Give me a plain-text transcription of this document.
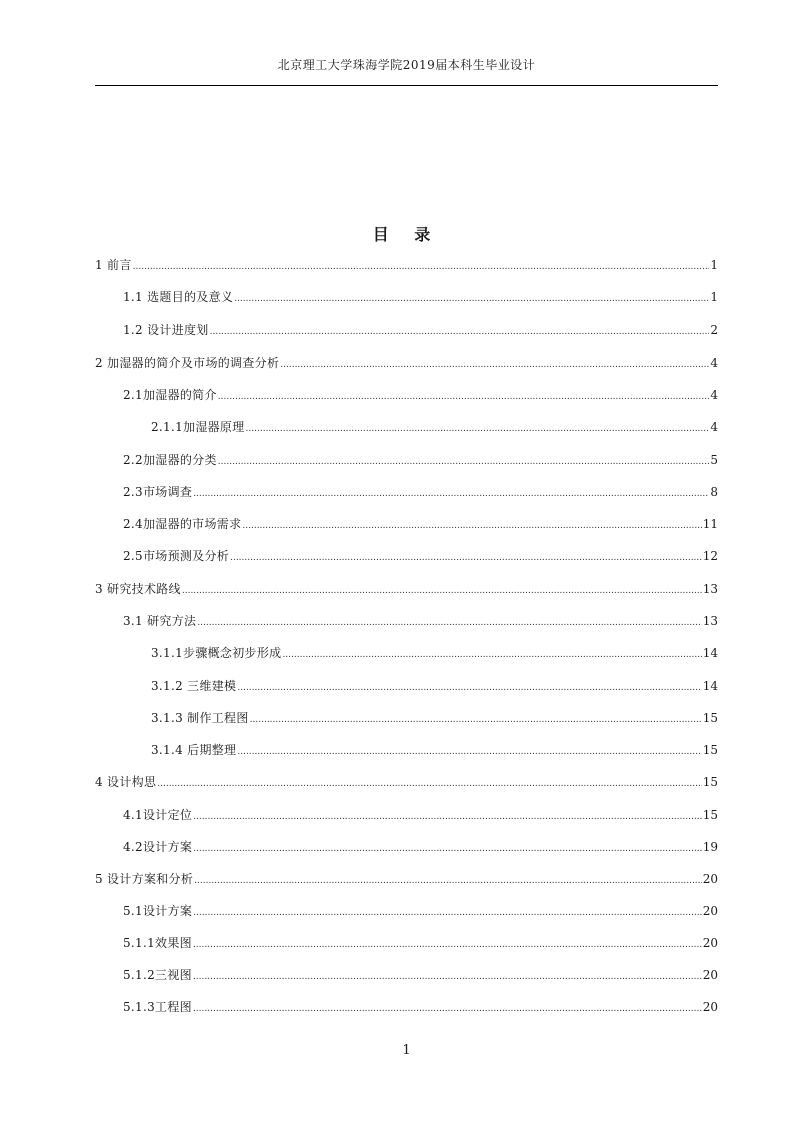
北京理工大学珠海学院2019届本科生毕业设计
目 录
1 前言 .....	1
1.1 选题目的及意义 .....	1
1.2 设计进度划 .....	2
2 加湿器的简介及市场的调查分析 .....	4
2.1加湿器的简介 .....	4
2.1.1加湿器原理 .....	4
2.2加湿器的分类 .....	5
2.3市场调查 .....	8
2.4加湿器的市场需求 .....	11
2.5市场预测及分析 .....	12
3 研究技术路线 .....	13
3.1 研究方法 .....	13
3.1.1步骤概念初步形成 .....	14
3.1.2 三维建模 .....	14
3.1.3 制作工程图 .....	15
3.1.4 后期整理 .....	15
4 设计构思 .....	15
4.1设计定位 .....	15
4.2设计方案 .....	19
5 设计方案和分析 .....	20
5.1设计方案 .....	20
5.1.1效果图 .....	20
5.1.2三视图 .....	20
5.1.3工程图 .....	20
1
